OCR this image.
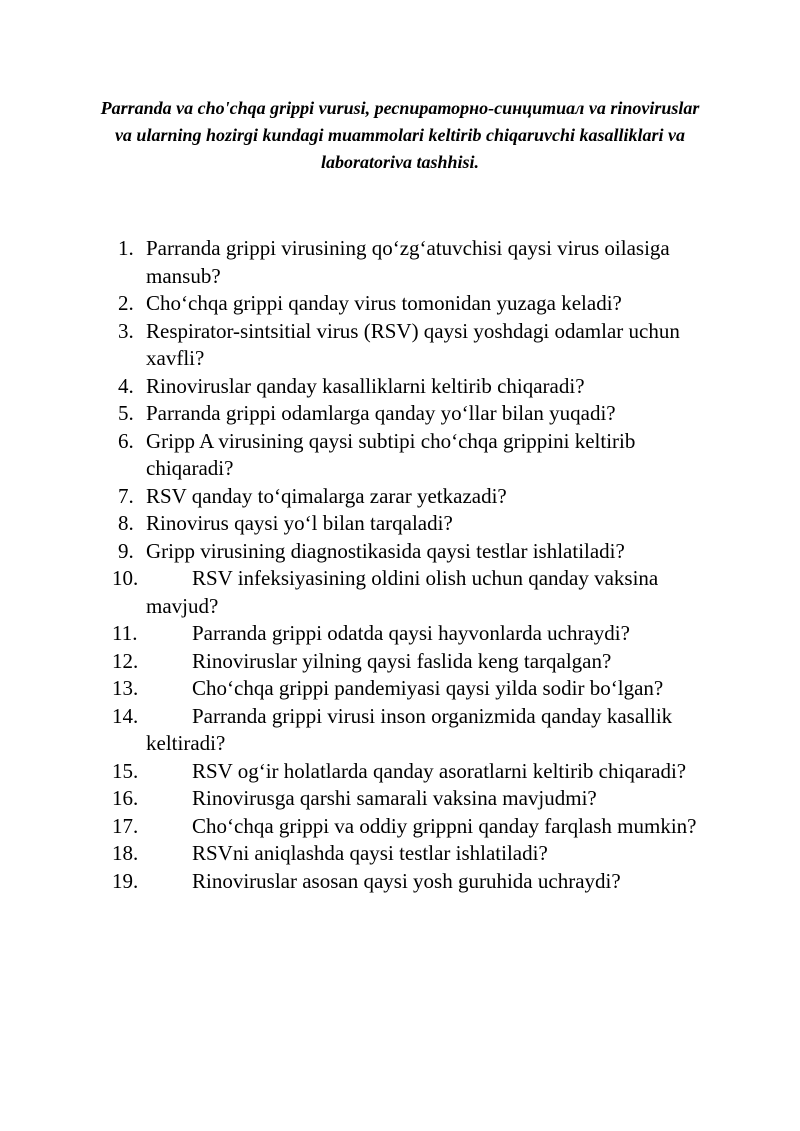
Parranda va cho'chqa grippi vurusi, респираторно-синцитиал va rinoviruslar va ularning hozirgi kundagi muammolari keltirib chiqaruvchi kasalliklari va laboratoriva tashhisi.

1. Parranda grippi virusining qo‘zg‘atuvchisi qaysi virus oilasiga mansub?
2. Cho‘chqa grippi qanday virus tomonidan yuzaga keladi?
3. Respirator-sintsitial virus (RSV) qaysi yoshdagi odamlar uchun xavfli?
4. Rinoviruslar qanday kasalliklarni keltirib chiqaradi?
5. Parranda grippi odamlarga qanday yo‘llar bilan yuqadi?
6. Gripp A virusining qaysi subtipi cho‘chqa grippini keltirib chiqaradi?
7. RSV qanday to‘qimalarga zarar yetkazadi?
8. Rinovirus qaysi yo‘l bilan tarqaladi?
9. Gripp virusining diagnostikasida qaysi testlar ishlatiladi?
10.	RSV infeksiyasining oldini olish uchun qanday vaksina mavjud?
11.	Parranda grippi odatda qaysi hayvonlarda uchraydi?
12.	Rinoviruslar yilning qaysi faslida keng tarqalgan?
13.	Cho‘chqa grippi pandemiyasi qaysi yilda sodir bo‘lgan?
14.	Parranda grippi virusi inson organizmida qanday kasallik keltiradi?
15.	RSV og‘ir holatlarda qanday asoratlarni keltirib chiqaradi?
16.	Rinovirusga qarshi samarali vaksina mavjudmi?
17.	Cho‘chqa grippi va oddiy grippni qanday farqlash mumkin?
18.	RSVni aniqlashda qaysi testlar ishlatiladi?
19.	Rinoviruslar asosan qaysi yosh guruhida uchraydi?
